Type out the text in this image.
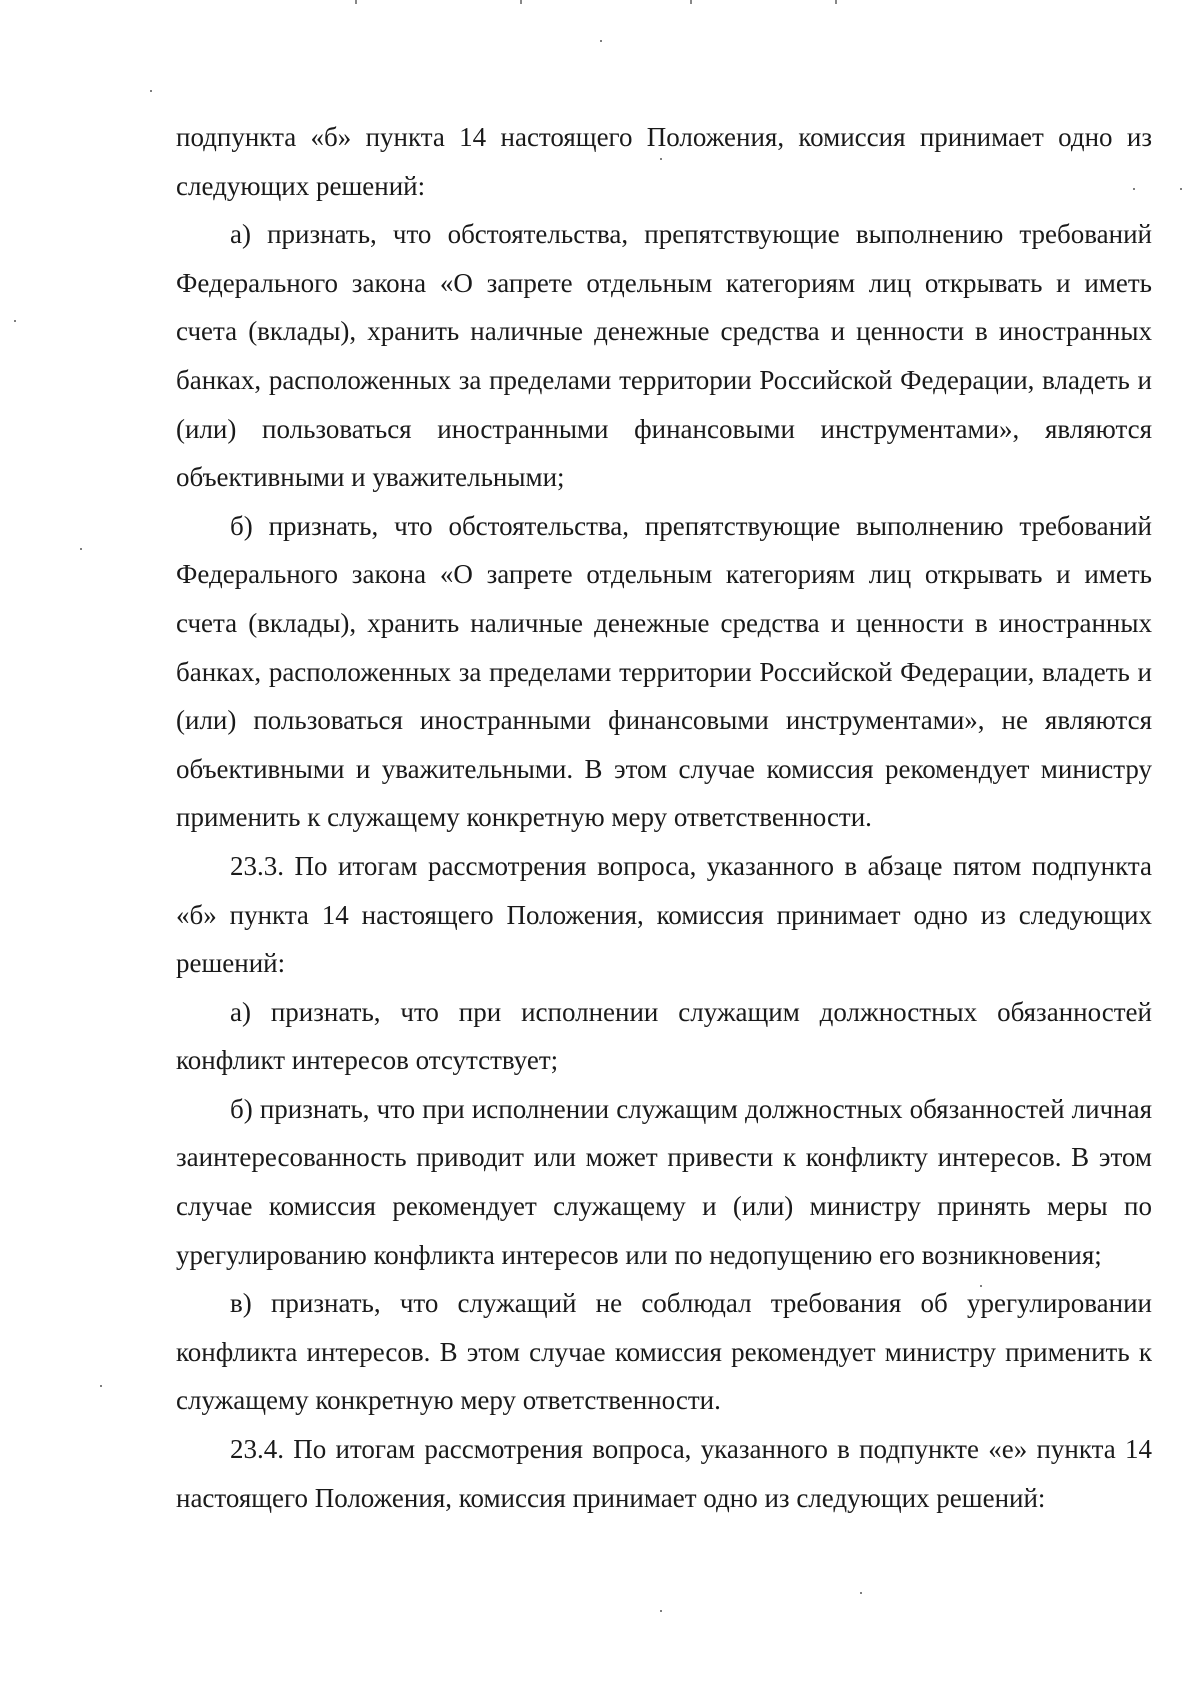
подпункта «б» пункта 14 настоящего Положения, комиссия принимает одно из следующих решений:

а) признать, что обстоятельства, препятствующие выполнению требований Федерального закона «О запрете отдельным категориям лиц открывать и иметь счета (вклады), хранить наличные денежные средства и ценности в иностранных банках, расположенных за пределами территории Российской Федерации, владеть и (или) пользоваться иностранными финансовыми инструментами», являются объективными и уважительными;

б) признать, что обстоятельства, препятствующие выполнению требований Федерального закона «О запрете отдельным категориям лиц открывать и иметь счета (вклады), хранить наличные денежные средства и ценности в иностранных банках, расположенных за пределами территории Российской Федерации, владеть и (или) пользоваться иностранными финансовыми инструментами», не являются объективными и уважительными. В этом случае комиссия рекомендует министру применить к служащему конкретную меру ответственности.

23.3. По итогам рассмотрения вопроса, указанного в абзаце пятом подпункта «б» пункта 14 настоящего Положения, комиссия принимает одно из следующих решений:

а) признать, что при исполнении служащим должностных обязанностей конфликт интересов отсутствует;

б) признать, что при исполнении служащим должностных обязанностей личная заинтересованность приводит или может привести к конфликту интересов. В этом случае комиссия рекомендует служащему и (или) министру принять меры по урегулированию конфликта интересов или по недопущению его возникновения;

в) признать, что служащий не соблюдал требования об урегулировании конфликта интересов. В этом случае комиссия рекомендует министру применить к служащему конкретную меру ответственности.

23.4. По итогам рассмотрения вопроса, указанного в подпункте «е» пункта 14 настоящего Положения, комиссия принимает одно из следующих решений:
